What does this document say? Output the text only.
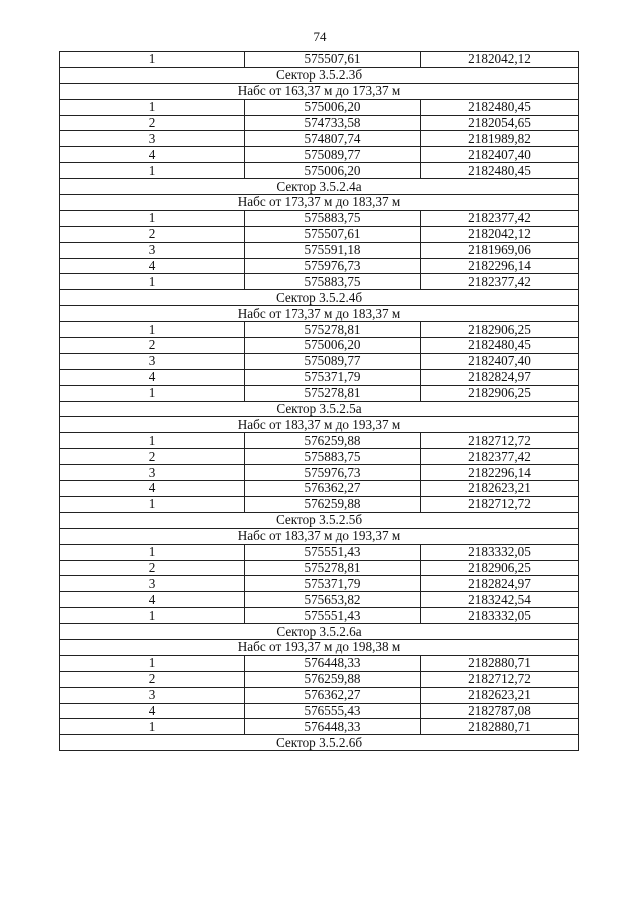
74
1	575507,61	2182042,12
Сектор 3.5.2.3б		
Набс от 163,37 м до 173,37 м		
1	575006,20	2182480,45
2	574733,58	2182054,65
3	574807,74	2181989,82
4	575089,77	2182407,40
1	575006,20	2182480,45
Сектор 3.5.2.4а		
Набс от 173,37 м до 183,37 м		
1	575883,75	2182377,42
2	575507,61	2182042,12
3	575591,18	2181969,06
4	575976,73	2182296,14
1	575883,75	2182377,42
Сектор 3.5.2.4б		
Набс от 173,37 м до 183,37 м		
1	575278,81	2182906,25
2	575006,20	2182480,45
3	575089,77	2182407,40
4	575371,79	2182824,97
1	575278,81	2182906,25
Сектор 3.5.2.5а		
Набс от 183,37 м до 193,37 м		
1	576259,88	2182712,72
2	575883,75	2182377,42
3	575976,73	2182296,14
4	576362,27	2182623,21
1	576259,88	2182712,72
Сектор 3.5.2.5б		
Набс от 183,37 м до 193,37 м		
1	575551,43	2183332,05
2	575278,81	2182906,25
3	575371,79	2182824,97
4	575653,82	2183242,54
1	575551,43	2183332,05
Сектор 3.5.2.6а		
Набс от 193,37 м до 198,38 м		
1	576448,33	2182880,71
2	576259,88	2182712,72
3	576362,27	2182623,21
4	576555,43	2182787,08
1	576448,33	2182880,71
Сектор 3.5.2.6б		
